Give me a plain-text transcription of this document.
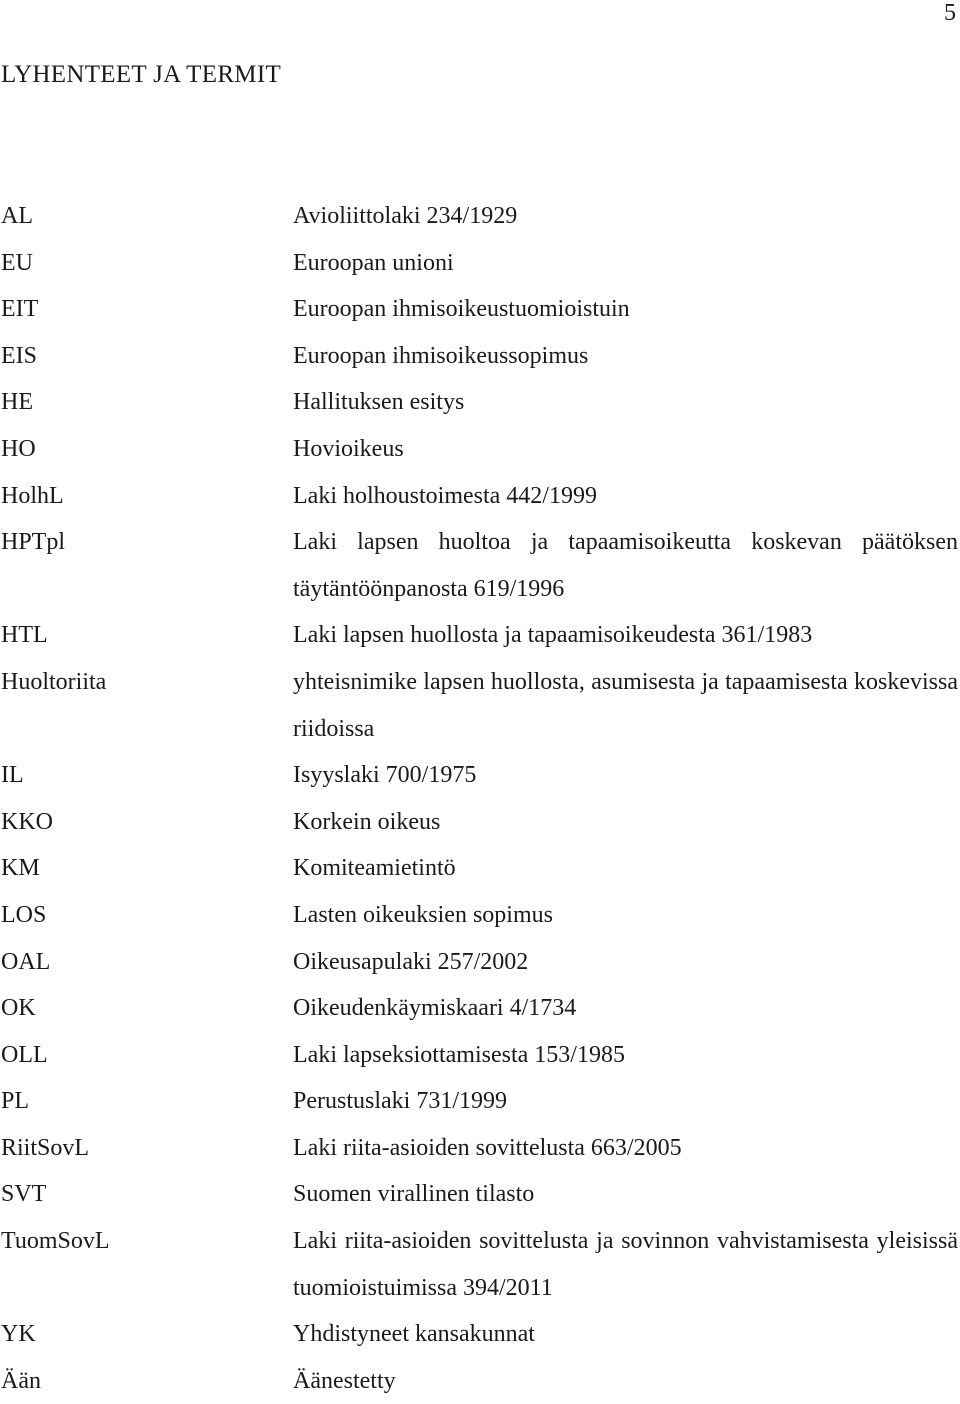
5
LYHENTEET JA TERMIT
AL	Avioliittolaki 234/1929
EU	Euroopan unioni
EIT	Euroopan ihmisoikeustuomioistuin
EIS	Euroopan ihmisoikeussopimus
HE	Hallituksen esitys
HO	Hovioikeus
HolhL	Laki holhoustoimesta 442/1999
HPTpl	Laki lapsen huoltoa ja tapaamisoikeutta koskevan päätöksen täytäntöönpanosta 619/1996
HTL	Laki lapsen huollosta ja tapaamisoikeudesta 361/1983
Huoltoriita	yhteisnimike lapsen huollosta, asumisesta ja tapaamisesta koskevissa riidoissa
IL	Isyyslaki 700/1975
KKO	Korkein oikeus
KM	Komiteamietintö
LOS	Lasten oikeuksien sopimus
OAL	Oikeusapulaki 257/2002
OK	Oikeudenkäymiskaari 4/1734
OLL	Laki lapseksiottamisesta 153/1985
PL	Perustuslaki 731/1999
RiitSovL	Laki riita-asioiden sovittelusta 663/2005
SVT	Suomen virallinen tilasto
TuomSovL	Laki riita-asioiden sovittelusta ja sovinnon vahvistamisesta yleisissä tuomioistuimissa 394/2011
YK	Yhdistyneet kansakunnat
Ään	Äänestetty
